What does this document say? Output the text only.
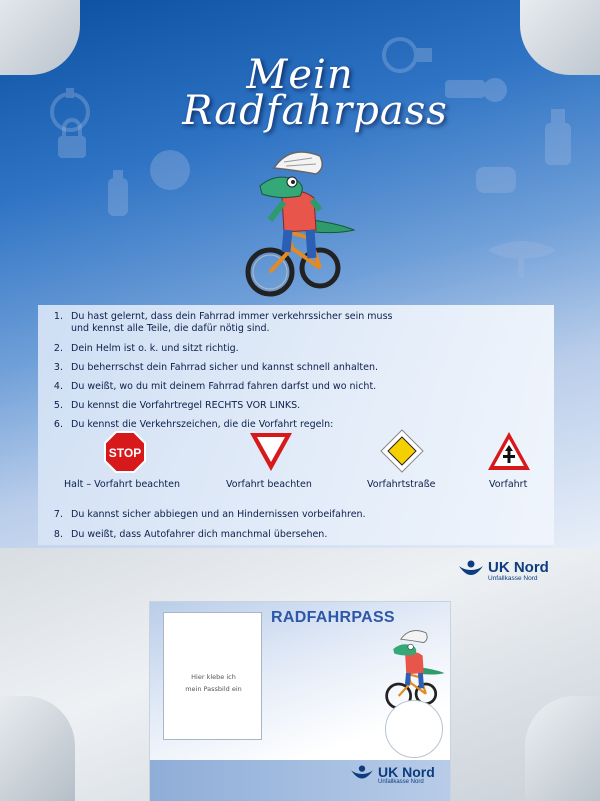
Mein
Radfahrpass
1. Du hast gelernt, dass dein Fahrrad immer verkehrssicher sein muss
und kennst alle Teile, die dafür nötig sind.
2. Dein Helm ist o. k. und sitzt richtig.
3. Du beherrschst dein Fahrrad sicher und kannst schnell anhalten.
4. Du weißt, wo du mit deinem Fahrrad fahren darfst und wo nicht.
5. Du kennst die Vorfahrtregel RECHTS VOR LINKS.
6. Du kennst die Verkehrszeichen, die die Vorfahrt regeln:
7. Du kannst sicher abbiegen und an Hindernissen vorbeifahren.
8. Du weißt, dass Autofahrer dich manchmal übersehen.
STOP
Halt – Vorfahrt beachten	Vorfahrt beachten	Vorfahrtstraße	Vorfahrt
UK Nord
Unfallkasse Nord
Hier klebe ich
mein Passbild ein
RADFAHRPASS
UK Nord
Unfallkasse Nord
